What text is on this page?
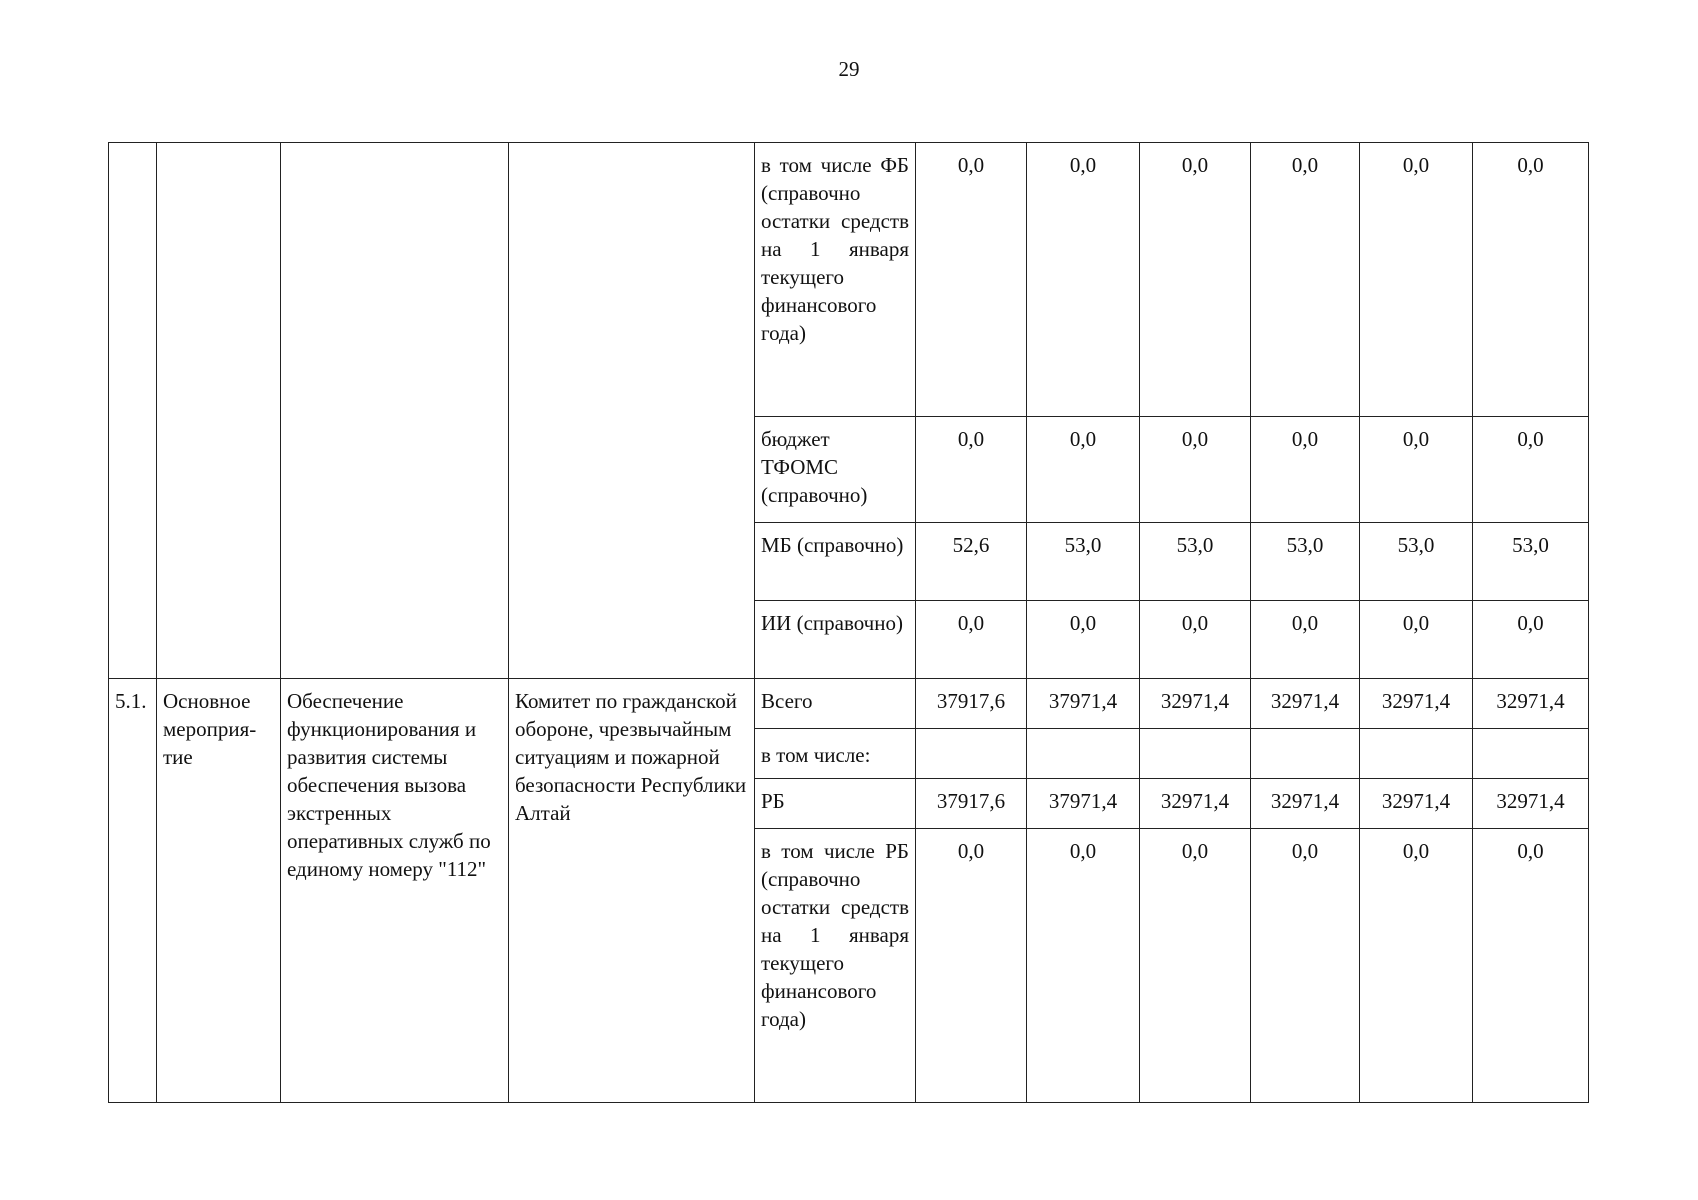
29
				в том числе ФБ (справочно остатки средств на 1 января текущего финансового года)	0,0	0,0	0,0	0,0	0,0	0,0
				бюджет ТФОМС (справочно)	0,0	0,0	0,0	0,0	0,0	0,0
				МБ (справочно)	52,6	53,0	53,0	53,0	53,0	53,0
				ИИ (справочно)	0,0	0,0	0,0	0,0	0,0	0,0
5.1.	Основное мероприя-тие	Обеспечение функционирования и развития системы обеспечения вызова экстренных оперативных служб по единому номеру "112"	Комитет по гражданской обороне, чрезвычайным ситуациям и пожарной безопасности Республики Алтай	Всего	37917,6	37971,4	32971,4	32971,4	32971,4	32971,4
				в том числе:						
				РБ	37917,6	37971,4	32971,4	32971,4	32971,4	32971,4
				в том числе РБ (справочно остатки средств на 1 января текущего финансового года)	0,0	0,0	0,0	0,0	0,0	0,0
